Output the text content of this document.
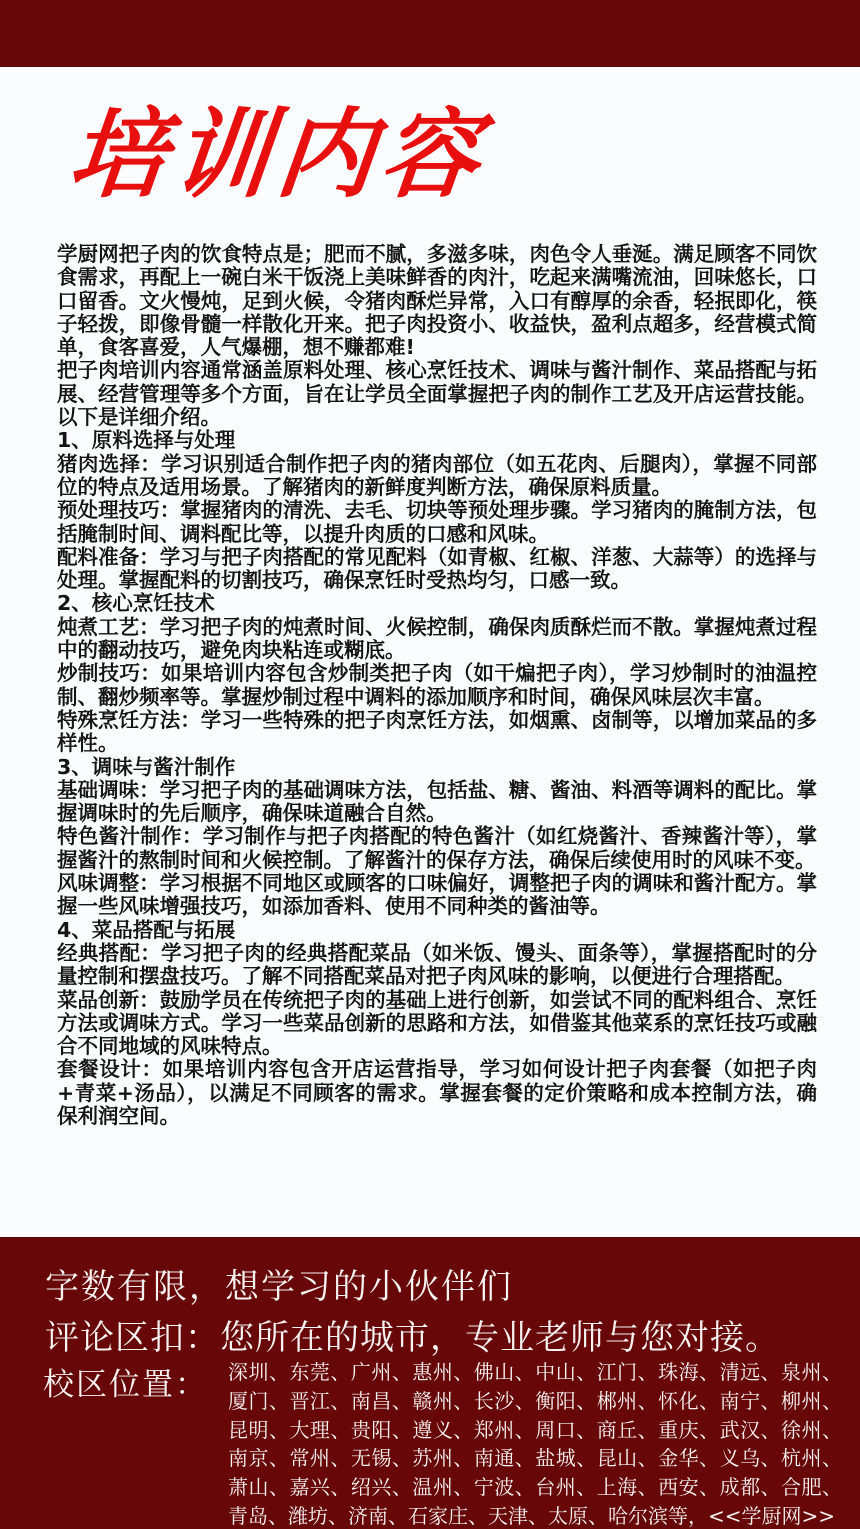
培训内容

学厨网把子肉的饮食特点是；肥而不腻，多滋多味，肉色令人垂涎。满足顾客不同饮食需求，再配上一碗白米干饭浇上美味鲜香的肉汁，吃起来满嘴流油，回味悠长，口口留香。文火慢炖，足到火候，令猪肉酥烂异常，入口有醇厚的余香，轻抿即化，筷子轻拨，即像骨髓一样散化开来。把子肉投资小、收益快，盈利点超多，经营模式简单，食客喜爱，人气爆棚，想不赚都难!

把子肉培训内容通常涵盖原料处理、核心烹饪技术、调味与酱汁制作、菜品搭配与拓展、经营管理等多个方面，旨在让学员全面掌握把子肉的制作工艺及开店运营技能。以下是详细介绍。

1、原料选择与处理

猪肉选择：学习识别适合制作把子肉的猪肉部位（如五花肉、后腿肉），掌握不同部位的特点及适用场景。了解猪肉的新鲜度判断方法，确保原料质量。

预处理技巧：掌握猪肉的清洗、去毛、切块等预处理步骤。学习猪肉的腌制方法，包括腌制时间、调料配比等，以提升肉质的口感和风味。

配料准备：学习与把子肉搭配的常见配料（如青椒、红椒、洋葱、大蒜等）的选择与处理。掌握配料的切割技巧，确保烹饪时受热均匀，口感一致。

2、核心烹饪技术

炖煮工艺：学习把子肉的炖煮时间、火候控制，确保肉质酥烂而不散。掌握炖煮过程中的翻动技巧，避免肉块粘连或糊底。

炒制技巧：如果培训内容包含炒制类把子肉（如干煸把子肉），学习炒制时的油温控制、翻炒频率等。掌握炒制过程中调料的添加顺序和时间，确保风味层次丰富。

特殊烹饪方法：学习一些特殊的把子肉烹饪方法，如烟熏、卤制等，以增加菜品的多样性。

3、调味与酱汁制作

基础调味：学习把子肉的基础调味方法，包括盐、糖、酱油、料酒等调料的配比。掌握调味时的先后顺序，确保味道融合自然。

特色酱汁制作：学习制作与把子肉搭配的特色酱汁（如红烧酱汁、香辣酱汁等），掌握酱汁的熬制时间和火候控制。了解酱汁的保存方法，确保后续使用时的风味不变。

风味调整：学习根据不同地区或顾客的口味偏好，调整把子肉的调味和酱汁配方。掌握一些风味增强技巧，如添加香料、使用不同种类的酱油等。

4、菜品搭配与拓展

经典搭配：学习把子肉的经典搭配菜品（如米饭、馒头、面条等），掌握搭配时的分量控制和摆盘技巧。了解不同搭配菜品对把子肉风味的影响，以便进行合理搭配。

菜品创新：鼓励学员在传统把子肉的基础上进行创新，如尝试不同的配料组合、烹饪方法或调味方式。学习一些菜品创新的思路和方法，如借鉴其他菜系的烹饪技巧或融合不同地域的风味特点。

套餐设计：如果培训内容包含开店运营指导，学习如何设计把子肉套餐（如把子肉+青菜+汤品），以满足不同顾客的需求。掌握套餐的定价策略和成本控制方法，确保利润空间。

字数有限，想学习的小伙伴们

评论区扣：您所在的城市，专业老师与您对接。

校区位置： 深圳、东莞、广州、惠州、佛山、中山、江门、珠海、清远、泉州、厦门、晋江、南昌、赣州、长沙、衡阳、郴州、怀化、南宁、柳州、昆明、大理、贵阳、遵义、郑州、周口、商丘、重庆、武汉、徐州、南京、常州、无锡、苏州、南通、盐城、昆山、金华、义乌、杭州、萧山、嘉兴、绍兴、温州、宁波、台州、上海、西安、成都、合肥、青岛、潍坊、济南、石家庄、天津、太原、哈尔滨等，<<学厨网>>
